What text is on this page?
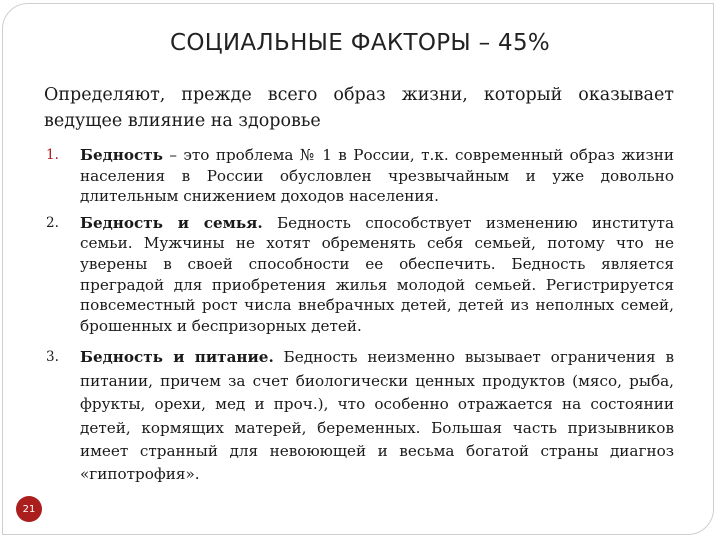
СОЦИАЛЬНЫЕ ФАКТОРЫ – 45%
Определяют, прежде всего образ жизни, который оказывает ведущее влияние на здоровье
1. Бедность – это проблема № 1 в России, т.к. современный образ жизни населения в России обусловлен чрезвычайным и уже довольно длительным снижением доходов населения.
2. Бедность и семья. Бедность способствует изменению института семьи. Мужчины не хотят обременять себя семьей, потому что не уверены в своей способности ее обеспечить. Бедность является преградой для приобретения жилья молодой семьей. Регистрируется повсеместный рост числа внебрачных детей, детей из неполных семей, брошенных и беспризорных детей.
3. Бедность и питание. Бедность неизменно вызывает ограничения в питании, причем за счет биологически ценных продуктов (мясо, рыба, фрукты, орехи, мед и проч.), что особенно отражается на состоянии детей, кормящих матерей, беременных. Большая часть призывников имеет странный для невоюющей и весьма богатой страны диагноз «гипотрофия».
21
